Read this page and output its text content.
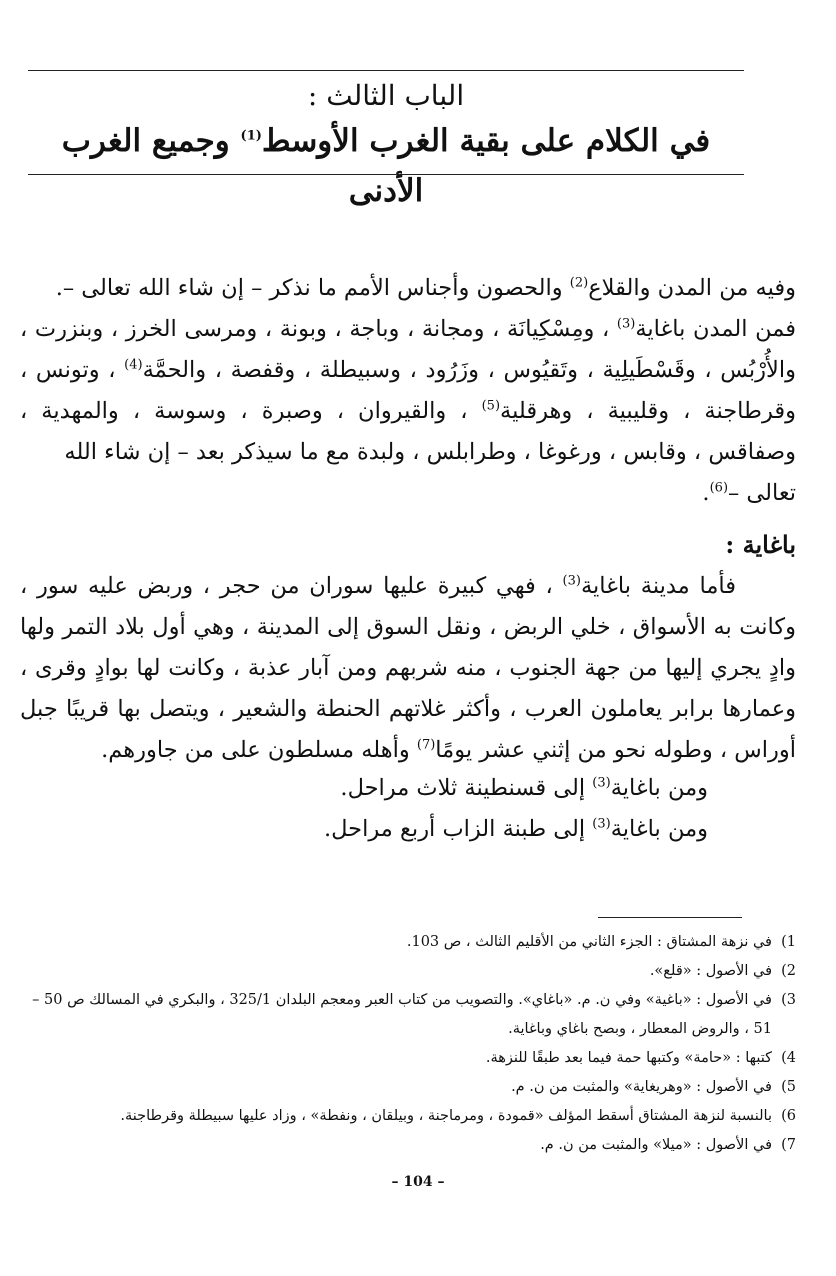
الباب الثالث :

في الكلام على بقية الغرب الأوسط$^{(1)}$ وجميع الغرب الأدنى

وفيه من المدن والقلاع$^{(2)}$ والحصون وأجناس الأمم ما نذكر – إن شاء الله تعالى –.

فمن المدن باغاية$^{(3)}$ ، ومِسْكِيانَة ، ومجانة ، وباجة ، وبونة ، ومرسى الخرز ، وبنزرت ، والأُرْبُس ، وقَسْطَيلِية ، وتَقيُوس ، وزَرُود ، وسبيطلة ، وقفصة ، والحمَّة$^{(4)}$ ، وتونس ، وقرطاجنة ، وقليبية ، وهرقلية$^{(5)}$ ، والقيروان ، وصبرة ، وسوسة ، والمهدية ، وصفاقس ، وقابس ، ورغوغا ، وطرابلس ، ولبدة مع ما سيذكر بعد – إن شاء الله

تعالى –$^{(6)}$.

باغاية :

فأما مدينة باغاية$^{(3)}$ ، فهي كبيرة عليها سوران من حجر ، وربض عليه سور ، وكانت به الأسواق ، خلي الربض ، ونقل السوق إلى المدينة ، وهي أول بلاد التمر ولها وادٍ يجري إليها من جهة الجنوب ، منه شربهم ومن آبار عذبة ، وكانت لها بوادٍ وقرى ، وعمارها برابر يعاملون العرب ، وأكثر غلاتهم الحنطة والشعير ، ويتصل بها قريبًا جبل أوراس ، وطوله نحو من إثني عشر يومًا$^{(7)}$ وأهله مسلطون على من جاورهم.

ومن باغاية$^{(3)}$ إلى قسنطينة ثلاث مراحل.

ومن باغاية$^{(3)}$ إلى طبنة الزاب أربع مراحل.

1)
في نزهة المشتاق : الجزء الثاني من الأقليم الثالث ، ص 103.
2)
في الأصول : «قلع».
3)
في الأصول : «باغية» وفي ن. م. «باغاي». والتصويب من كتاب العبر ومعجم البلدان 325/1 ، والبكري في المسالك ص 50 – 51 ، والروض المعطار ، وبصح باغاي وباغاية.
4)
كتبها : «حامة» وكتبها حمة فيما بعد طبقًا للنزهة.
5)
في الأصول : «وهريغاية» والمثبت من ن. م.
6)
بالنسبة لنزهة المشتاق أسقط المؤلف «قمودة ، ومرماجنة ، وبيلقان ، ونفطة» ، وزاد عليها سبيطلة وقرطاجنة.
7)
في الأصول : «ميلا» والمثبت من ن. م.
– 104 –
